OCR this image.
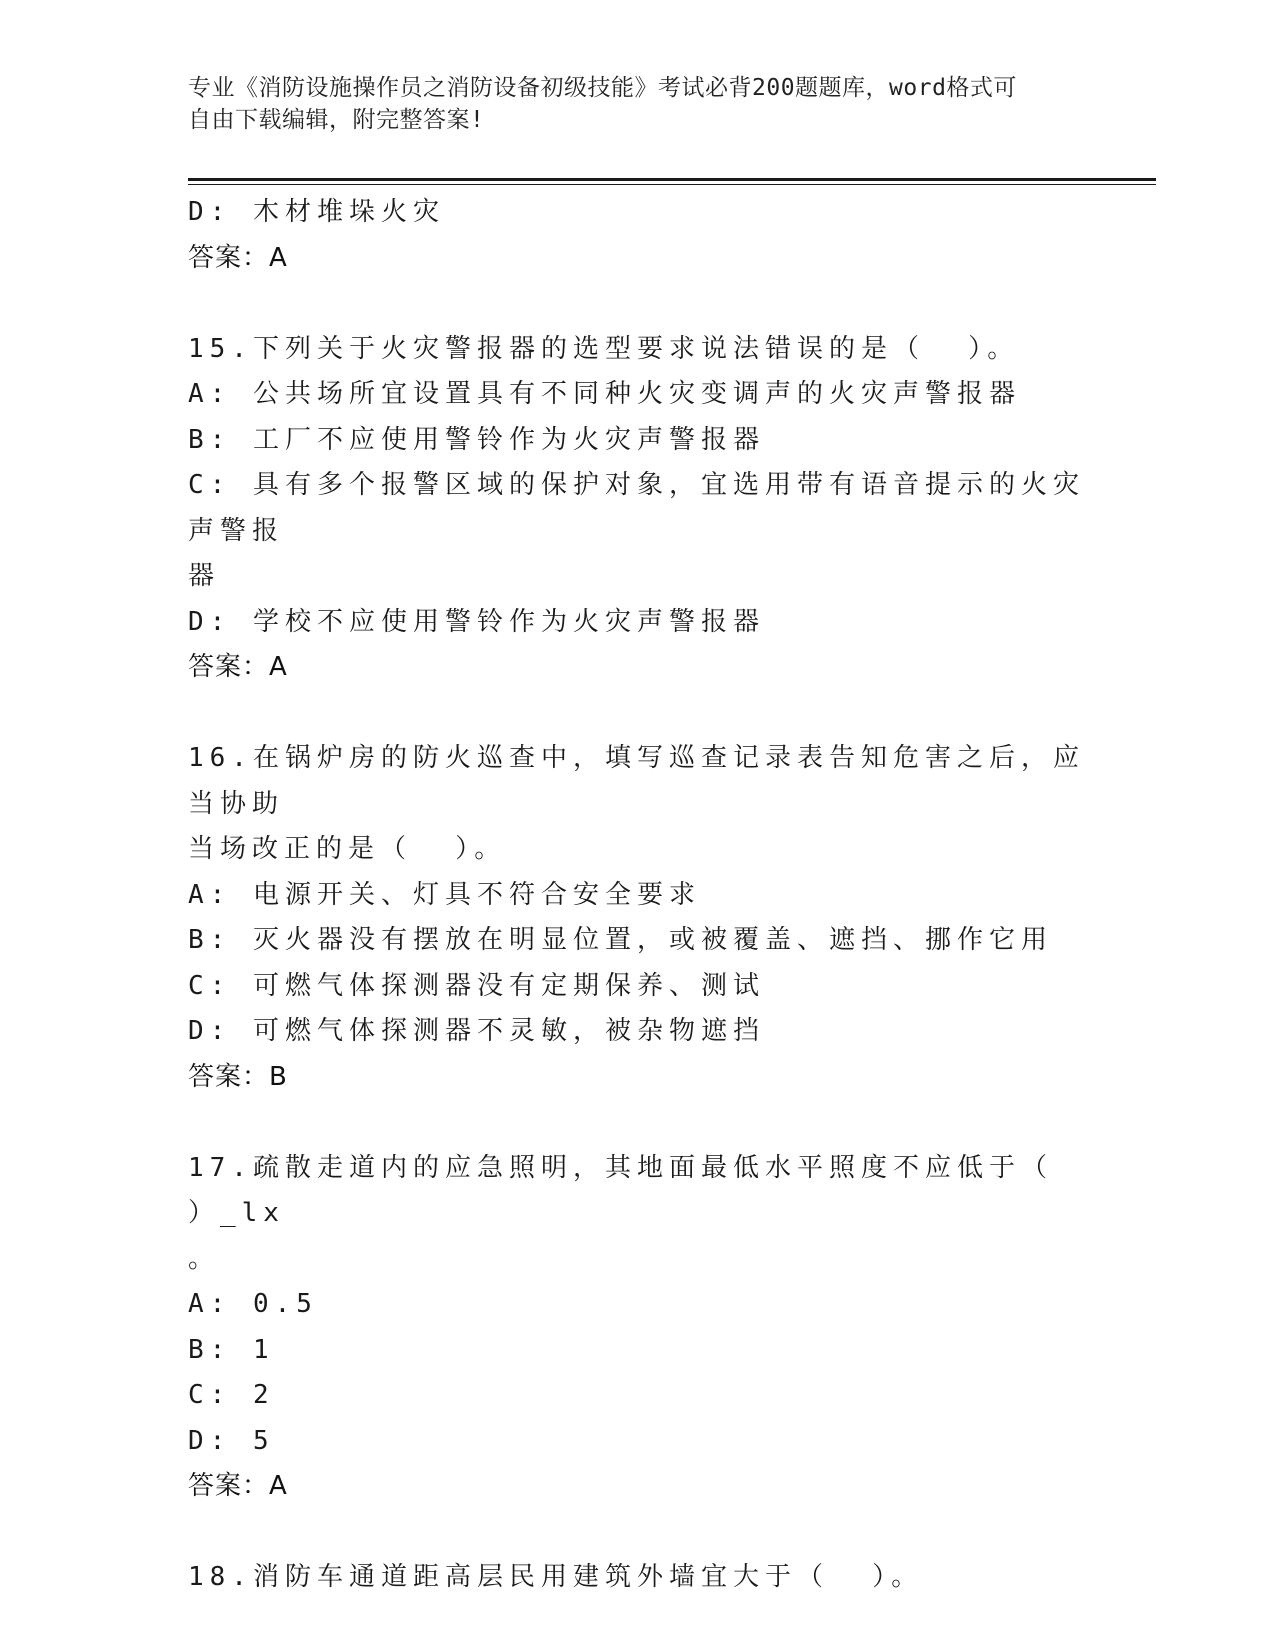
专业《消防设施操作员之消防设备初级技能》考试必背200题题库，word格式可
自由下载编辑，附完整答案!
D: 木材堆垛火灾
答案：A
15.下列关于火灾警报器的选型要求说法错误的是（  ）。
A: 公共场所宜设置具有不同种火灾变调声的火灾声警报器
B: 工厂不应使用警铃作为火灾声警报器
C: 具有多个报警区域的保护对象，宜选用带有语音提示的火灾声警报
器
D: 学校不应使用警铃作为火灾声警报器
答案：A
16.在锅炉房的防火巡查中，填写巡查记录表告知危害之后，应当协助
当场改正的是（  ）。
A: 电源开关、灯具不符合安全要求
B: 灭火器没有摆放在明显位置，或被覆盖、遮挡、挪作它用
C: 可燃气体探测器没有定期保养、测试
D: 可燃气体探测器不灵敏，被杂物遮挡
答案：B
17.疏散走道内的应急照明，其地面最低水平照度不应低于（  ）_lx
。
A: 0.5
B: 1
C: 2
D: 5
答案：A
18.消防车通道距高层民用建筑外墙宜大于（  ）。
